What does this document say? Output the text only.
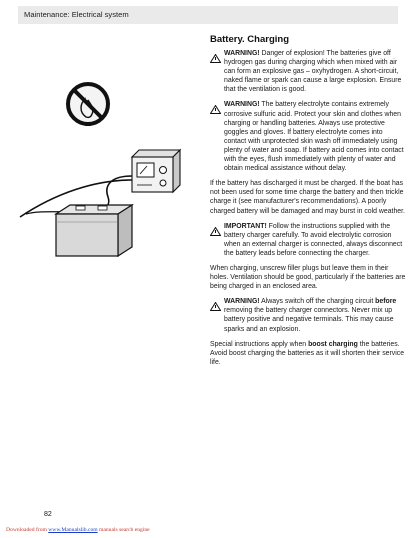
Maintenance: Electrical system
Battery. Charging
WARNING! Danger of explosion! The batteries give off hydrogen gas during charging which when mixed with air can form an explosive gas – oxyhydrogen. A short-circuit, naked flame or spark can cause a large explosion. Ensure that the ventilation is good.
WARNING! The battery electrolyte contains extremely corrosive sulfuric acid. Protect your skin and clothes when charging or handling batteries. Always use protective goggles and gloves. If battery electrolyte comes into contact with unprotected skin wash off immediately using plenty of water and soap. If battery acid comes into contact with the eyes, flush immediately with plenty of water and obtain medical assistance without delay.

If the battery has discharged it must be charged. If the boat has not been used for some time charge the battery and then trickle charge it (see manufacturer's recommendations). A poorly charged battery will be damaged and may burst in cold weather.

IMPORTANT! Follow the instructions supplied with the battery charger carefully. To avoid electrolytic corrosion when an external charger is connected, always disconnect the battery leads before connecting the charger.

When charging, unscrew filler plugs but leave them in their holes. Ventilation should be good, particularly if the batteries are being charged in an enclosed area.

WARNING! Always switch off the charging circuit before removing the battery charger connectors. Never mix up battery positive and negative terminals. This may cause sparks and an explosion.

Special instructions apply when boost charging the batteries. Avoid boost charging the batteries as it will shorten their service life.

82
Downloaded from www.Manualslib.com manuals search engine
